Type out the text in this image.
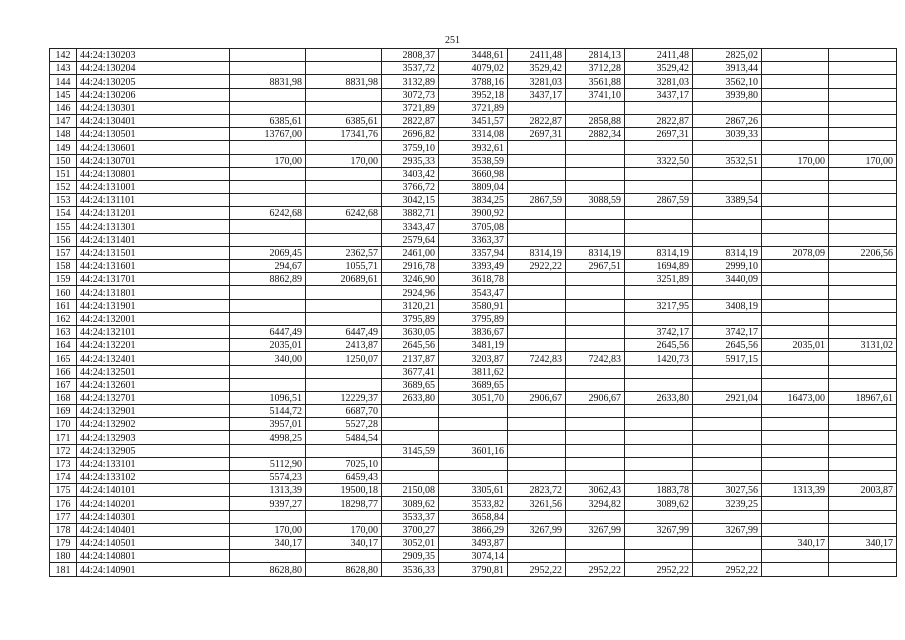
251
142	44:24:130203			2808,37	3448,61	2411,48	2814,13	2411,48	2825,02		
143	44:24:130204			3537,72	4079,02	3529,42	3712,28	3529,42	3913,44		
144	44:24:130205	8831,98	8831,98	3132,89	3788,16	3281,03	3561,88	3281,03	3562,10		
145	44:24:130206			3072,73	3952,18	3437,17	3741,10	3437,17	3939,80		
146	44:24:130301			3721,89	3721,89						
147	44:24:130401	6385,61	6385,61	2822,87	3451,57	2822,87	2858,88	2822,87	2867,26		
148	44:24:130501	13767,00	17341,76	2696,82	3314,08	2697,31	2882,34	2697,31	3039,33		
149	44:24:130601			3759,10	3932,61						
150	44:24:130701	170,00	170,00	2935,33	3538,59			3322,50	3532,51	170,00	170,00
151	44:24:130801			3403,42	3660,98						
152	44:24:131001			3766,72	3809,04						
153	44:24:131101			3042,15	3834,25	2867,59	3088,59	2867,59	3389,54		
154	44:24:131201	6242,68	6242,68	3882,71	3900,92						
155	44:24:131301			3343,47	3705,08						
156	44:24:131401			2579,64	3363,37						
157	44:24:131501	2069,45	2362,57	2461,00	3357,94	8314,19	8314,19	8314,19	8314,19	2078,09	2206,56
158	44:24:131601	294,67	1055,71	2916,78	3393,49	2922,22	2967,51	1694,89	2999,10		
159	44:24:131701	8862,89	20689,61	3246,90	3618,78			3251,89	3440,09		
160	44:24:131801			2924,96	3543,47						
161	44:24:131901			3120,21	3580,91			3217,95	3408,19		
162	44:24:132001			3795,89	3795,89						
163	44:24:132101	6447,49	6447,49	3630,05	3836,67			3742,17	3742,17		
164	44:24:132201	2035,01	2413,87	2645,56	3481,19			2645,56	2645,56	2035,01	3131,02
165	44:24:132401	340,00	1250,07	2137,87	3203,87	7242,83	7242,83	1420,73	5917,15		
166	44:24:132501			3677,41	3811,62						
167	44:24:132601			3689,65	3689,65						
168	44:24:132701	1096,51	12229,37	2633,80	3051,70	2906,67	2906,67	2633,80	2921,04	16473,00	18967,61
169	44:24:132901	5144,72	6687,70								
170	44:24:132902	3957,01	5527,28								
171	44:24:132903	4998,25	5484,54								
172	44:24:132905			3145,59	3601,16						
173	44:24:133101	5112,90	7025,10								
174	44:24:133102	5574,23	6459,43								
175	44:24:140101	1313,39	19500,18	2150,08	3305,61	2823,72	3062,43	1883,78	3027,56	1313,39	2003,87
176	44:24:140201	9397,27	18298,77	3089,62	3533,82	3261,56	3294,82	3089,62	3239,25		
177	44:24:140301			3533,37	3658,84						
178	44:24:140401	170,00	170,00	3700,27	3866,29	3267,99	3267,99	3267,99	3267,99		
179	44:24:140501	340,17	340,17	3052,01	3493,87					340,17	340,17
180	44:24:140801			2909,35	3074,14						
181	44:24:140901	8628,80	8628,80	3536,33	3790,81	2952,22	2952,22	2952,22	2952,22		
